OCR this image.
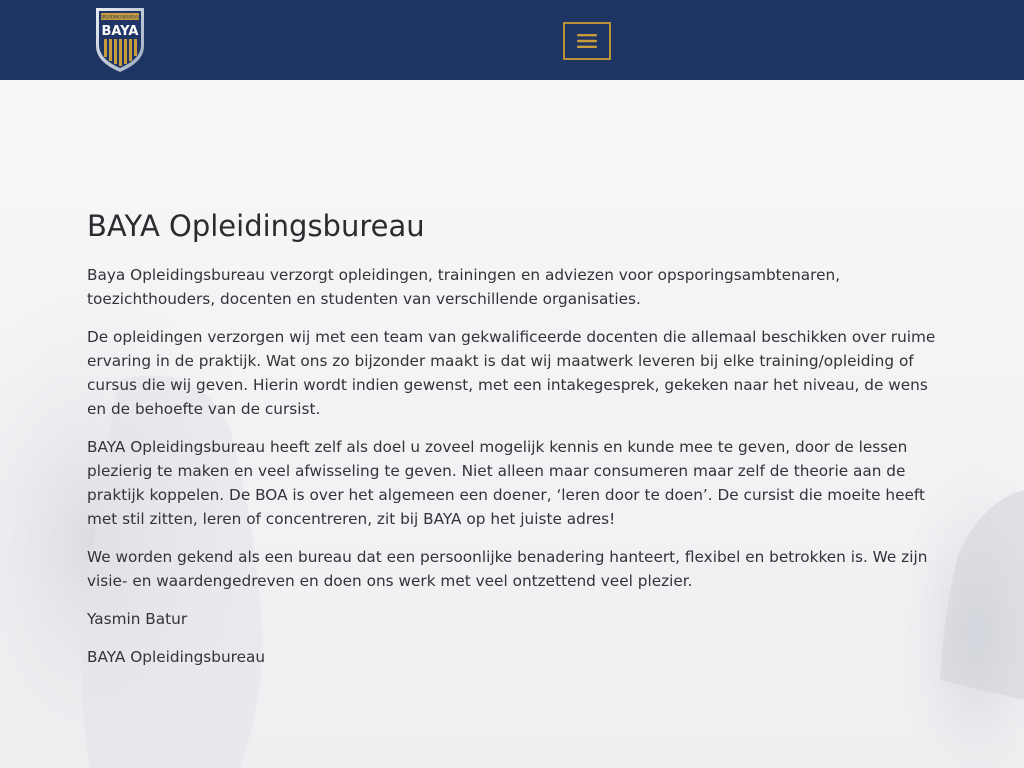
OPLEIDINGSBUREAU
BAYA
BAYA Opleidingsbureau

Baya Opleidingsbureau verzorgt opleidingen, trainingen en adviezen voor opsporingsambtenaren, toezichthouders, docenten en studenten van verschillende organisaties.

De opleidingen verzorgen wij met een team van gekwalificeerde docenten die allemaal beschikken over ruime ervaring in de praktijk. Wat ons zo bijzonder maakt is dat wij maatwerk leveren bij elke training/opleiding of cursus die wij geven. Hierin wordt indien gewenst, met een intakegesprek, gekeken naar het niveau, de wens en de behoefte van de cursist.

BAYA Opleidingsbureau heeft zelf als doel u zoveel mogelijk kennis en kunde mee te geven, door de lessen plezierig te maken en veel afwisseling te geven. Niet alleen maar consumeren maar zelf de theorie aan de praktijk koppelen. De BOA is over het algemeen een doener, ‘leren door te doen’. De cursist die moeite heeft met stil zitten, leren of concentreren, zit bij BAYA op het juiste adres!

We worden gekend als een bureau dat een persoonlijke benadering hanteert, flexibel en betrokken is. We zijn visie- en waardengedreven en doen ons werk met veel ontzettend veel plezier.

Yasmin Batur

BAYA Opleidingsbureau
